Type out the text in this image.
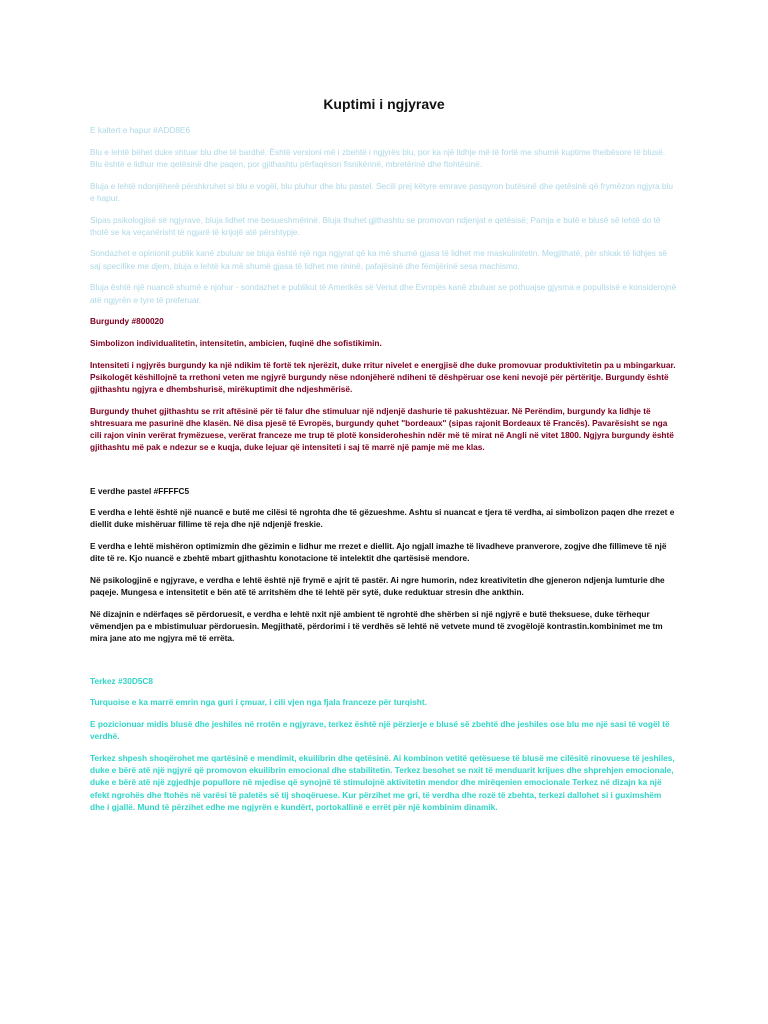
Kuptimi i ngjyrave

E kaltert e hapur #ADD8E6

Blu e lehtë bëhet duke shtuar blu dhe të bardhë. Është versioni më i zbehtë i ngjyrës blu, por ka një lidhje më të fortë me shumë kuptime theibësore të blusë. Blu është e lidhur me qetësinë dhe paqen, por gjithashtu përfaqëson fisnikërinë, mbretërinë dhe ftohtësinë.

Bluja e lehtë ndonjëherë përshkruhet si blu e vogël, blu pluhur dhe blu pastel. Secili prej këtyre emrave pasqyron butësinë dhe qetësinë që frymëzon ngjyra blu e hapur.

Sipas psikologjisë së ngjyrave, bluja lidhet me besueshmërinë. Bluja thuhet gjithashtu se promovon ndjenjat e qetësisë; Pamja e butë e blusë së lehtë do të thotë se ka veçanërisht të ngjarë të krijojë atë përshtypje.

Sondazhet e opinionit publik kanë zbuluar se bluja është një nga ngjyrat që ka më shumë gjasa të lidhet me maskulinitetin. Megjithatë, për shkak të lidhjes së saj specifike me djem, bluja e lehtë ka më shumë gjasa të lidhet me rininë, pafajësinë dhe fëmijërinë sesa machismo.

Bluja është një nuancë shumë e njohur - sondazhet e publikut të Amerikës së Veriut dhe Evropës kanë zbuluar se pothuajse gjysma e popullsisë e konsiderojnë atë ngjyrën e tyre të preferuar.

Burgundy #800020

Simbolizon individualitetin, intensitetin, ambicien, fuqinë dhe sofistikimin.

Intensiteti i ngjyrës burgundy ka një ndikim të fortë tek njerëzit, duke rritur nivelet e energjisë dhe duke promovuar produktivitetin pa u mbingarkuar. Psikologët këshillojnë ta rrethoni veten me ngjyrë burgundy nëse ndonjëherë ndiheni të dëshpëruar ose keni nevojë për përtëritje. Burgundy është gjithashtu ngjyra e dhembshurisë, mirëkuptimit dhe ndjeshmërisë.

Burgundy thuhet gjithashtu se rrit aftësinë për të falur dhe stimuluar një ndjenjë dashurie të pakushtëzuar. Në Perëndim, burgundy ka lidhje të shtresuara me pasurinë dhe klasën. Në disa pjesë të Evropës, burgundy quhet "bordeaux" (sipas rajonit Bordeaux të Francës). Pavarësisht se nga cili rajon vinin verërat frymëzuese, verërat franceze me trup të plotë konsideroheshin ndër më të mirat në Angli në vitet 1800. Ngjyra burgundy është gjithashtu më pak e ndezur se e kuqja, duke lejuar që intensiteti i saj të marrë një pamje më me klas.

E verdhe pastel #FFFFC5

E verdha e lehtë është një nuancë e butë me cilësi të ngrohta dhe të gëzueshme. Ashtu si nuancat e tjera të verdha, ai simbolizon paqen dhe rrezet e diellit duke mishëruar fillime të reja dhe një ndjenjë freskie.

E verdha e lehtë mishëron optimizmin dhe gëzimin e lidhur me rrezet e diellit. Ajo ngjall imazhe të livadheve pranverore, zogjve dhe fillimeve të një dite të re. Kjo nuancë e zbehtë mbart gjithashtu konotacione të intelektit dhe qartësisë mendore.

Në psikologjinë e ngjyrave, e verdha e lehtë është një frymë e ajrit të pastër. Ai ngre humorin, ndez kreativitetin dhe gjeneron ndjenja lumturie dhe paqeje. Mungesa e intensitetit e bën atë të arritshëm dhe të lehtë për sytë, duke reduktuar stresin dhe ankthin.

Në dizajnin e ndërfaqes së përdoruesit, e verdha e lehtë nxit një ambient të ngrohtë dhe shërben si një ngjyrë e butë theksuese, duke tërhequr vëmendjen pa e mbistimuluar përdoruesin. Megjithatë, përdorimi i të verdhës së lehtë në vetvete mund të zvogëlojë kontrastin.kombinimet me tm mira jane ato me ngjyra më të errëta.

Terkez #30D5C8

Turquoise e ka marrë emrin nga guri i çmuar, i cili vjen nga fjala franceze për turqisht.

E pozicionuar midis blusë dhe jeshiles në rrotën e ngjyrave, terkez është një përzierje e blusë së zbehtë dhe jeshiles ose blu me një sasi të vogël të verdhë.

Terkez shpesh shoqërohet me qartësinë e mendimit, ekuilibrin dhe qetësinë. Ai kombinon vetitë qetësuese të blusë me cilësitë rinovuese të jeshiles, duke e bërë atë një ngjyrë që promovon ekuilibrin emocional dhe stabilitetin. Terkez besohet se nxit të menduarit krijues dhe shprehjen emocionale, duke e bërë atë një zgjedhje popullore në mjedise që synojnë të stimulojnë aktivitetin mendor dhe mirëqenien emocionale Terkez në dizajn ka një efekt ngrohës dhe ftohës në varësi të paletës së tij shoqëruese. Kur përzihet me gri, të verdha dhe rozë të zbehta, terkezi dallohet si i guximshëm dhe i gjallë. Mund të përzihet edhe me ngjyrën e kundërt, portokallinë e errët për një kombinim dinamik.
